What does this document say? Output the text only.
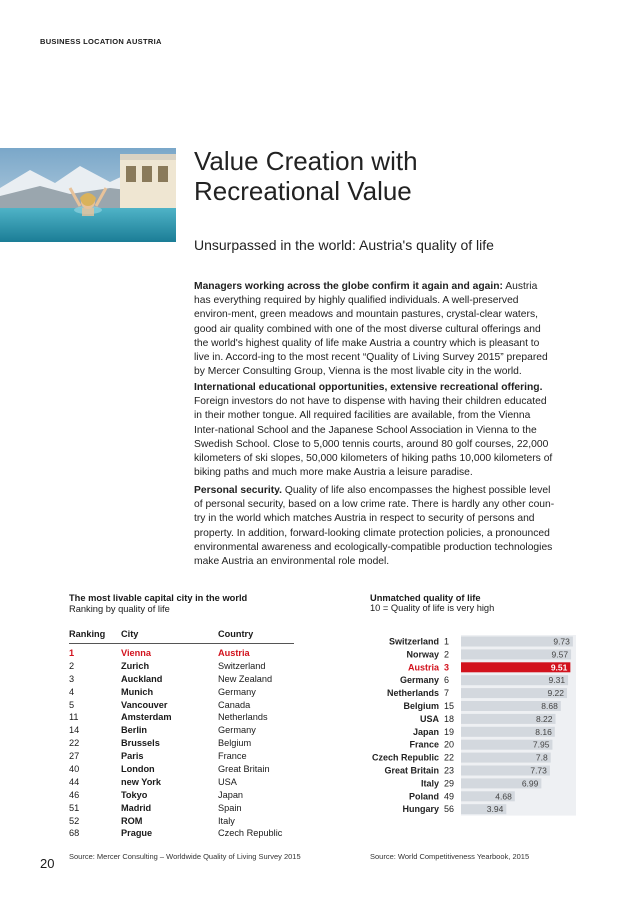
BUSINESS LOCATION AUSTRIA
Value Creation with
Recreational Value
Unsurpassed in the world: Austria's quality of life
Managers working across the globe confirm it again and again: Austria has everything required by highly qualified individuals. A well-preserved environ-ment, green meadows and mountain pastures, crystal-clear waters, good air quality combined with one of the most diverse cultural offerings and the world's highest quality of life make Austria a country which is pleasant to live in. Accord-ing to the most recent “Quality of Living Survey 2015” prepared by Mercer Consulting Group, Vienna is the most livable city in the world.
International educational opportunities, extensive recreational offering. Foreign investors do not have to dispense with having their children educated in their mother tongue. All required facilities are available, from the Vienna Inter-national School and the Japanese School Association in Vienna to the Swedish School. Close to 5,000 tennis courts, around 80 golf courses, 22,000 kilometers of ski slopes, 50,000 kilometers of hiking paths 10,000 kilometers of biking paths and much more make Austria a leisure paradise.
Personal security. Quality of life also encompasses the highest possible level of personal security, based on a low crime rate. There is hardly any other coun-try in the world which matches Austria in respect to security of persons and property. In addition, forward-looking climate protection policies, a pronounced environmental awareness and ecologically-compatible production technologies make Austria an environmental role model.
The most livable capital city in the world
Ranking by quality of life
Ranking	City	Country
1	Vienna	Austria
2	Zurich	Switzerland
3	Auckland	New Zealand
4	Munich	Germany
5	Vancouver	Canada
11	Amsterdam	Netherlands
14	Berlin	Germany
22	Brussels	Belgium
27	Paris	France
40	London	Great Britain
44	new York	USA
46	Tokyo	Japan
51	Madrid	Spain
52	ROM	Italy
68	Prague	Czech Republic
Unmatched quality of life
10 = Quality of life is very high
Switzerland 1	9.73
Norway 2	9.57
Austria 3	9.51
Germany 6	9.31
Netherlands 7	9.22
Belgium 15	8.68
USA 18	8.22
Japan 19	8.16
France 20	7.95
Czech Republic 22	7.8
Great Britain 23	7.73
Italy 29	6.99
Poland 49	4.68
Hungary 56	3.94
Source: Mercer Consulting – Worldwide Quality of Living Survey 2015	Source: World Competitiveness Yearbook, 2015
20
